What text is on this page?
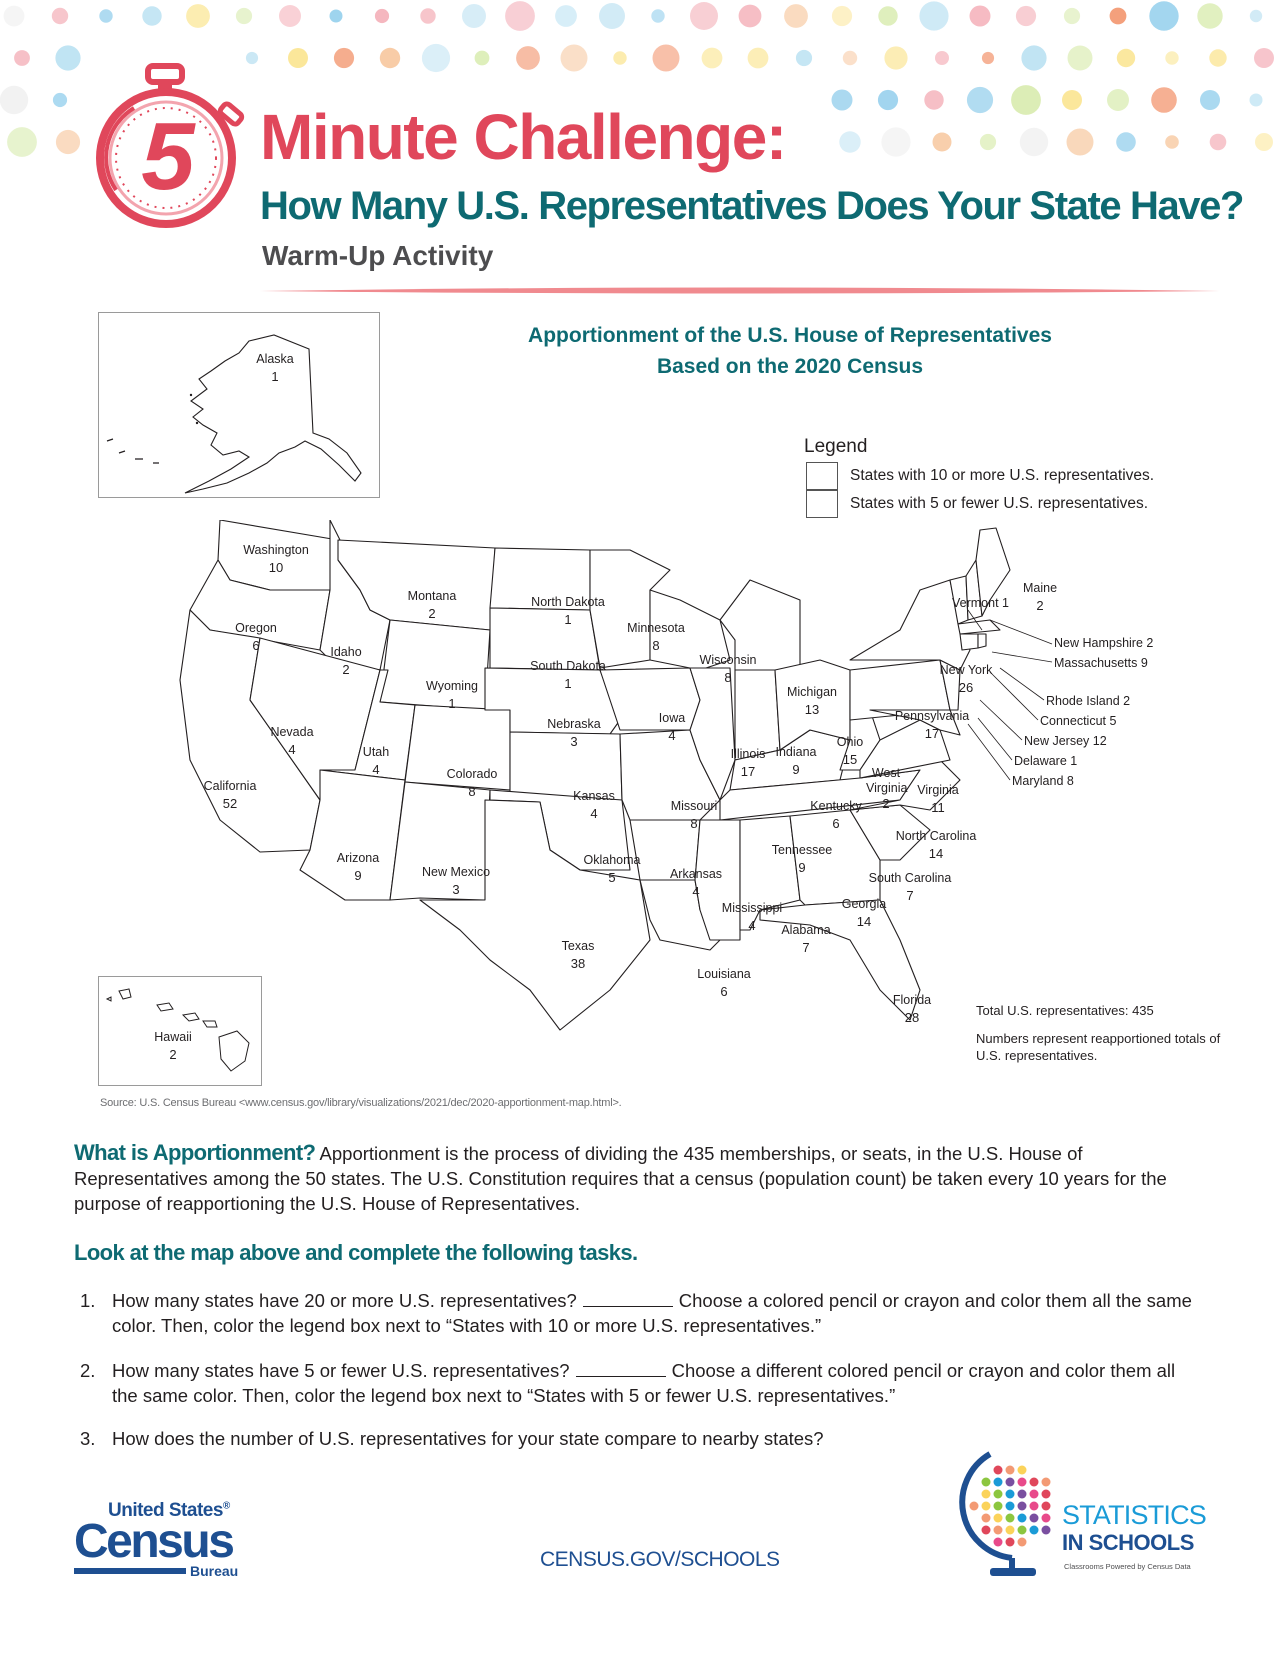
5	Minute Challenge:
How Many U.S. Representatives Does Your State Have?
Warm-Up Activity
Apportionment of the U.S. House of Representatives
Based on the 2020 Census
Legend
States with 10 or more U.S. representatives.
States with 5 or fewer U.S. representatives.
Alaska
1
Hawaii
2
Washington
10
Oregon
6
California
52
Idaho
2
Nevada
4
Montana
2
Wyoming
1
Utah
4
Arizona
9
Colorado
8
New Mexico
3
North Dakota
1
South Dakota
1
Nebraska
3
Kansas
4
Oklahoma
5
Texas
38
Minnesota
8
Iowa
4
Missouri
8
Arkansas
4
Louisiana
6
Wisconsin
8
Illinois
17
Mississippi
4
Michigan
13
Indiana
9
Kentucky
6
Tennessee
9
Alabama
7
Ohio
15
West Virginia
2
Georgia
14
Florida
28
South Carolina
7
North Carolina
14
Virginia
11
Pennsylvania
17
New York
26
Vermont 1
Maine
2
New Hampshire 2
Massachusetts 9
Rhode Island 2
Connecticut 5
New Jersey 12
Delaware 1
Maryland 8
Total U.S. representatives: 435
Numbers represent reapportioned totals of U.S. representatives.
Source: U.S. Census Bureau <www.census.gov/library/visualizations/2021/dec/2020-apportionment-map.html>.
What is Apportionment? Apportionment is the process of dividing the 435 memberships, or seats, in the U.S. House of Representatives among the 50 states. The U.S. Constitution requires that a census (population count) be taken every 10 years for the purpose of reapportioning the U.S. House of Representatives.
Look at the map above and complete the following tasks.
1. How many states have 20 or more U.S. representatives?	Choose a colored pencil or crayon and color them all the same color. Then, color the legend box next to “States with 10 or more U.S. representatives.”
2. How many states have 5 or fewer U.S. representatives?	Choose a different colored pencil or crayon and color them all the same color. Then, color the legend box next to “States with 5 or fewer U.S. representatives.”
3. How does the number of U.S. representatives for your state compare to nearby states?
United States®
Census
Bureau	CENSUS.GOV/SCHOOLS
STATISTICS
IN SCHOOLS
Classrooms Powered by Census Data
